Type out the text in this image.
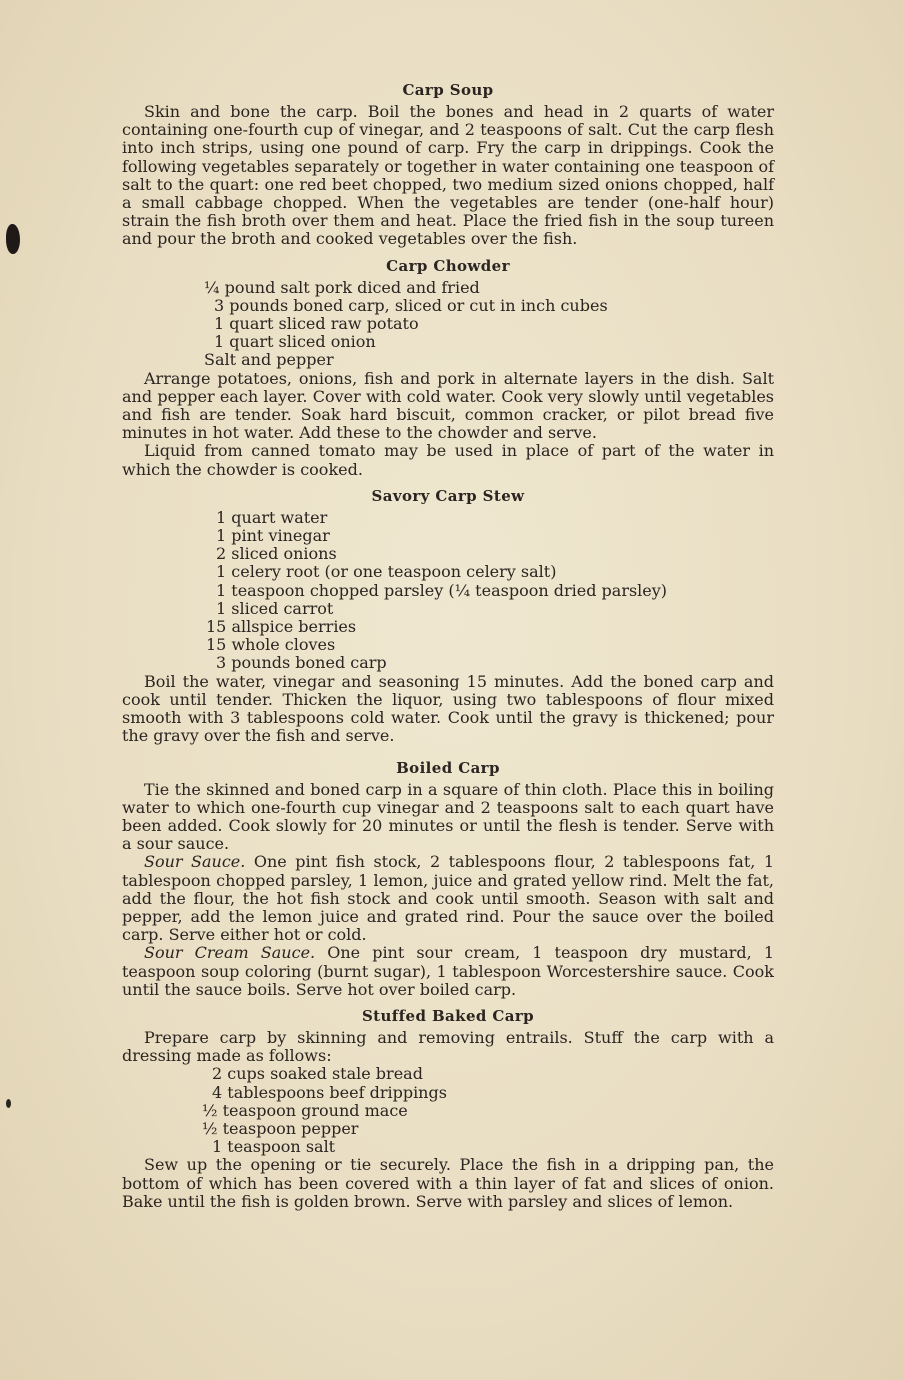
Carp Soup

Skin and bone the carp. Boil the bones and head in 2 quarts of water containing one-fourth cup of vinegar, and 2 teaspoons of salt. Cut the carp flesh into inch strips, using one pound of carp. Fry the carp in drippings. Cook the following vegetables separately or together in water containing one teaspoon of salt to the quart: one red beet chopped, two medium sized onions chopped, half a small cabbage chopped. When the vegetables are tender (one-half hour) strain the fish broth over them and heat. Place the fried fish in the soup tureen and pour the broth and cooked vegetables over the fish.

Carp Chowder
¼ pound salt pork diced and fried
3 pounds boned carp, sliced or cut in inch cubes
1 quart sliced raw potato
1 quart sliced onion
Salt and pepper

Arrange potatoes, onions, fish and pork in alternate layers in the dish. Salt and pepper each layer. Cover with cold water. Cook very slowly until vegetables and fish are tender. Soak hard biscuit, common cracker, or pilot bread five minutes in hot water. Add these to the chowder and serve.

Liquid from canned tomato may be used in place of part of the water in which the chowder is cooked.

Savory Carp Stew
1 quart water
1 pint vinegar
2 sliced onions
1 celery root (or one teaspoon celery salt)
1 teaspoon chopped parsley (¼ teaspoon dried parsley)
1 sliced carrot
15 allspice berries
15 whole cloves
3 pounds boned carp

Boil the water, vinegar and seasoning 15 minutes. Add the boned carp and cook until tender. Thicken the liquor, using two tablespoons of flour mixed smooth with 3 tablespoons cold water. Cook until the gravy is thickened; pour the gravy over the fish and serve.

Boiled Carp

Tie the skinned and boned carp in a square of thin cloth. Place this in boiling water to which one-fourth cup vinegar and 2 teaspoons salt to each quart have been added. Cook slowly for 20 minutes or until the flesh is tender. Serve with a sour sauce.

Sour Sauce. One pint fish stock, 2 tablespoons flour, 2 tablespoons fat, 1 tablespoon chopped parsley, 1 lemon, juice and grated yellow rind. Melt the fat, add the flour, the hot fish stock and cook until smooth. Season with salt and pepper, add the lemon juice and grated rind. Pour the sauce over the boiled carp. Serve either hot or cold.

Sour Cream Sauce. One pint sour cream, 1 teaspoon dry mustard, 1 teaspoon soup coloring (burnt sugar), 1 tablespoon Worcestershire sauce. Cook until the sauce boils. Serve hot over boiled carp.

Stuffed Baked Carp

Prepare carp by skinning and removing entrails. Stuff the carp with a dressing made as follows:

2 cups soaked stale bread
4 tablespoons beef drippings
½ teaspoon ground mace
½ teaspoon pepper
1 teaspoon salt

Sew up the opening or tie securely. Place the fish in a dripping pan, the bottom of which has been covered with a thin layer of fat and slices of onion. Bake until the fish is golden brown. Serve with parsley and slices of lemon.
